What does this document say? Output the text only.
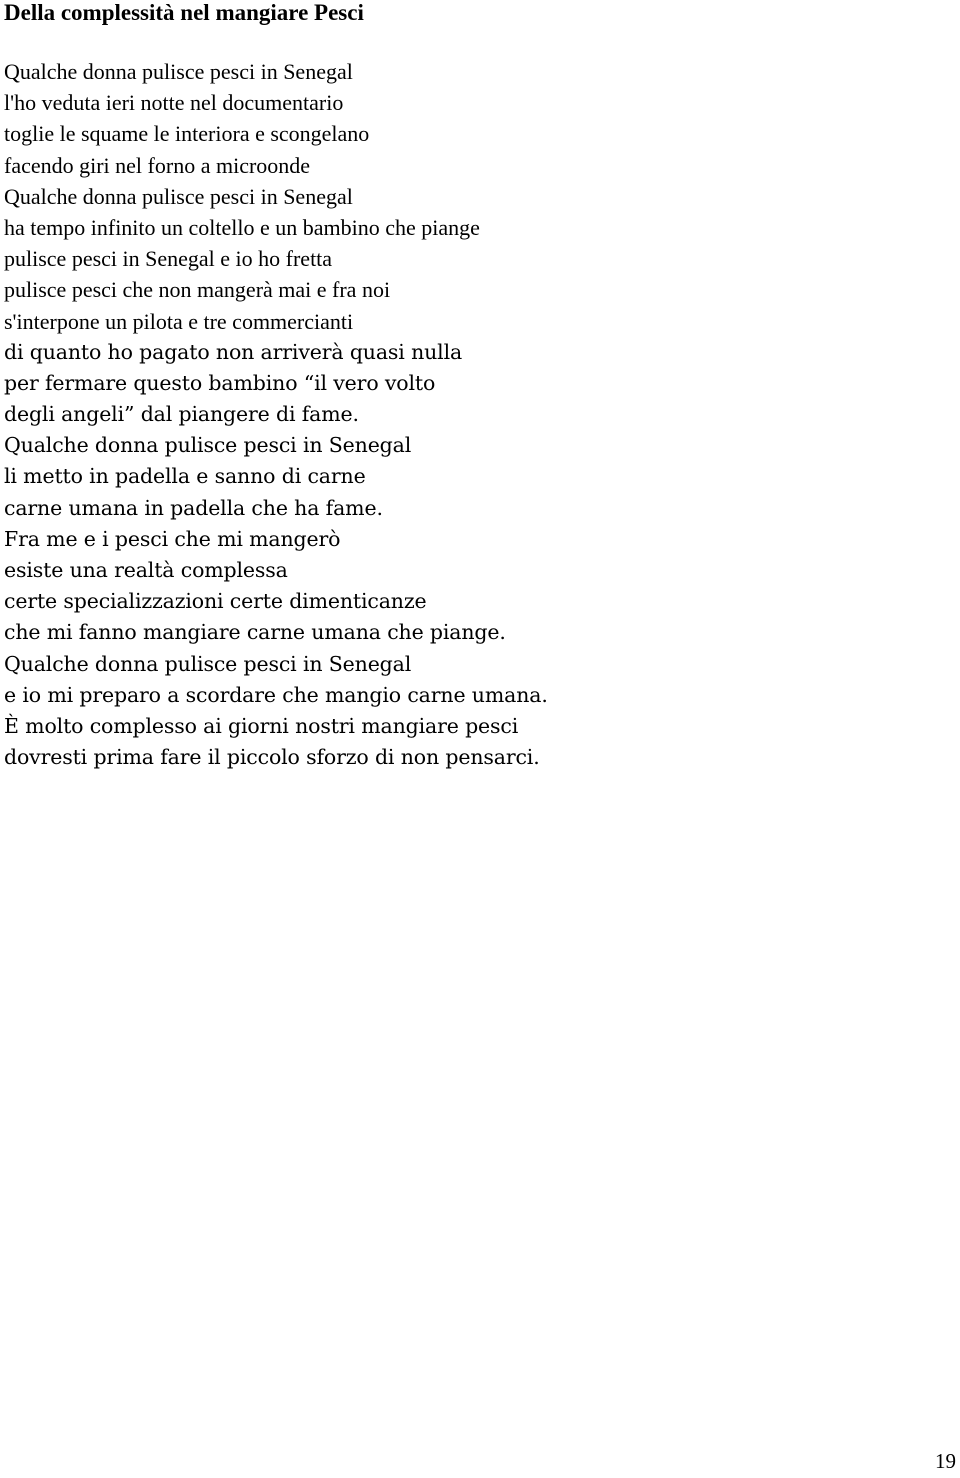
Della complessità nel mangiare Pesci
Qualche donna pulisce pesci in Senegal
l'ho veduta ieri notte nel documentario
toglie le squame le interiora e scongelano
facendo giri nel forno a microonde
Qualche donna pulisce pesci in Senegal
ha tempo infinito un coltello e un bambino che piange
pulisce pesci in Senegal e io ho fretta
pulisce pesci che non mangerà mai e fra noi
s'interpone un pilota e tre commercianti
di quanto ho pagato non arriverà quasi nulla
per fermare questo bambino “il vero volto
degli angeli” dal piangere di fame.
Qualche donna pulisce pesci in Senegal
li metto in padella e sanno di carne
carne umana in padella che ha fame.
Fra me e i pesci che mi mangerò
esiste una realtà complessa
certe specializzazioni certe dimenticanze
che mi fanno mangiare carne umana che piange.
Qualche donna pulisce pesci in Senegal
e io mi preparo a scordare che mangio carne umana.
È molto complesso ai giorni nostri mangiare pesci
dovresti prima fare il piccolo sforzo di non pensarci.
19
